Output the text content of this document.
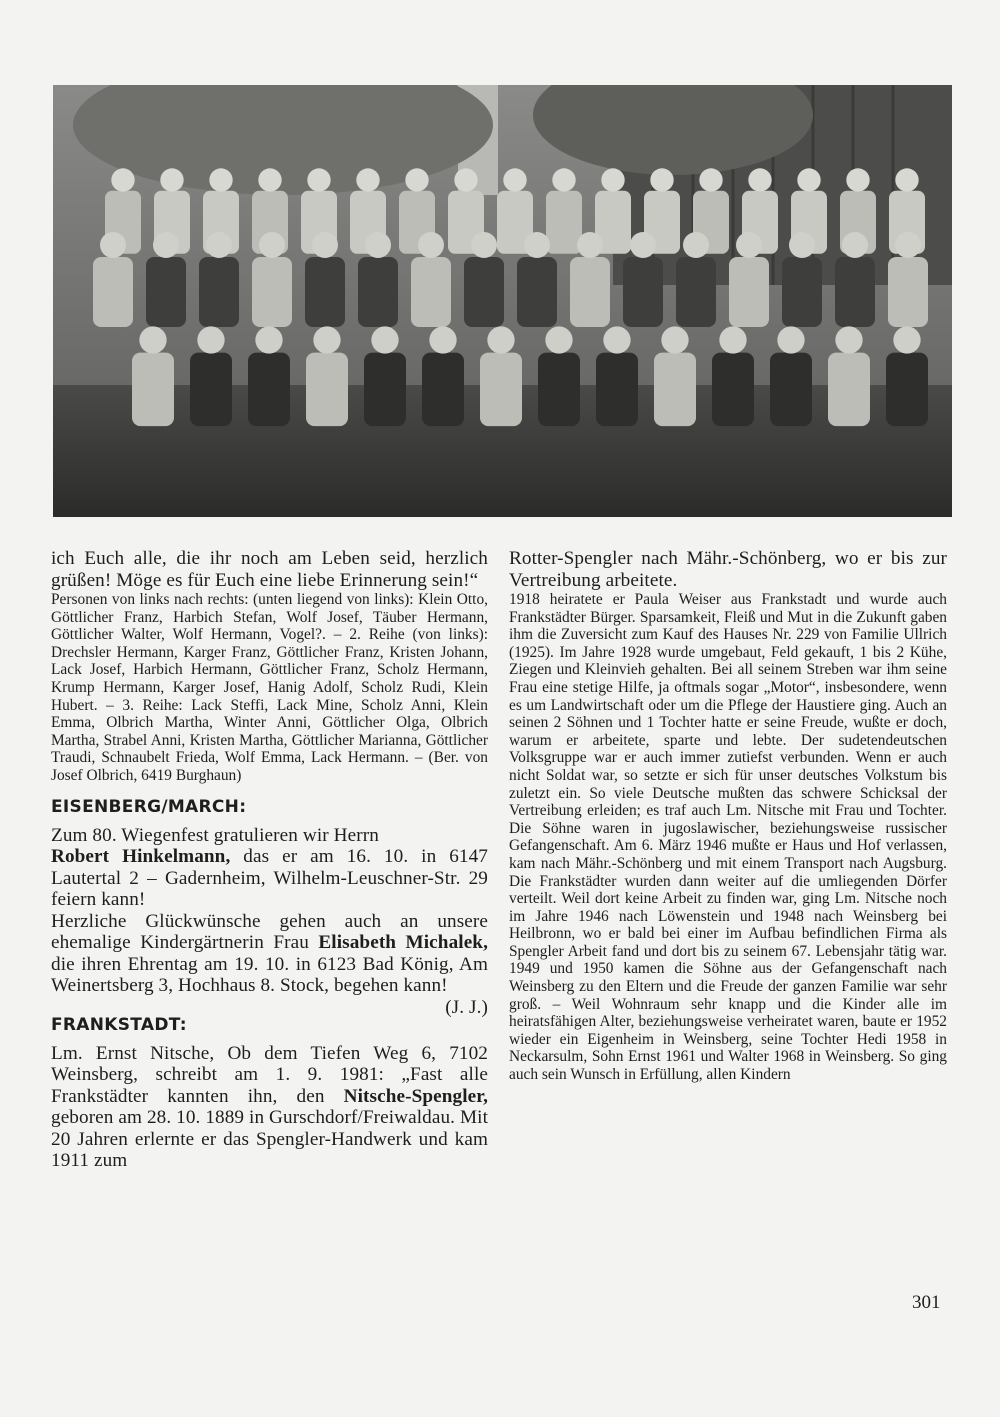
ich Euch alle, die ihr noch am Leben seid, herzlich grüßen! Möge es für Euch eine liebe Erinnerung sein!“

Personen von links nach rechts: (unten liegend von links): Klein Otto, Göttlicher Franz, Harbich Stefan, Wolf Josef, Täuber Hermann, Göttlicher Walter, Wolf Hermann, Vogel?. – 2. Reihe (von links): Drechsler Hermann, Karger Franz, Göttlicher Franz, Kristen Johann, Lack Josef, Harbich Hermann, Göttlicher Franz, Scholz Hermann, Krump Hermann, Karger Josef, Hanig Adolf, Scholz Rudi, Klein Hubert. – 3. Reihe: Lack Steffi, Lack Mine, Scholz Anni, Klein Emma, Olbrich Martha, Winter Anni, Göttlicher Olga, Olbrich Martha, Strabel Anni, Kristen Martha, Göttlicher Marianna, Göttlicher Traudi, Schnaubelt Frieda, Wolf Emma, Lack Hermann. – (Ber. von Josef Olbrich, 6419 Burghaun)

EISENBERG/MARCH:

Zum 80. Wiegenfest gratulieren wir Herrn
Robert Hinkelmann, das er am 16. 10. in 6147 Lautertal 2 – Gadernheim, Wilhelm-Leuschner-Str. 29 feiern kann!

Herzliche Glückwünsche gehen auch an unsere ehemalige Kindergärtnerin Frau Elisabeth Michalek, die ihren Ehrentag am 19. 10. in 6123 Bad König, Am Weinertsberg 3, Hochhaus 8. Stock, begehen kann!
(J. J.)

FRANKSTADT:

Lm. Ernst Nitsche, Ob dem Tiefen Weg 6, 7102 Weinsberg, schreibt am 1. 9. 1981: „Fast alle Frankstädter kannten ihn, den Nitsche-Spengler, geboren am 28. 10. 1889 in Gurschdorf/Freiwaldau. Mit 20 Jahren erlernte er das Spengler-Handwerk und kam 1911 zum

Rotter-Spengler nach Mähr.-Schönberg, wo er bis zur Vertreibung arbeitete.

1918 heiratete er Paula Weiser aus Frankstadt und wurde auch Frankstädter Bürger. Sparsamkeit, Fleiß und Mut in die Zukunft gaben ihm die Zuversicht zum Kauf des Hauses Nr. 229 von Familie Ullrich (1925). Im Jahre 1928 wurde umgebaut, Feld gekauft, 1 bis 2 Kühe, Ziegen und Kleinvieh gehalten. Bei all seinem Streben war ihm seine Frau eine stetige Hilfe, ja oftmals sogar „Motor“, insbesondere, wenn es um Landwirtschaft oder um die Pflege der Haustiere ging. Auch an seinen 2 Söhnen und 1 Tochter hatte er seine Freude, wußte er doch, warum er arbeitete, sparte und lebte. Der sudetendeutschen Volksgruppe war er auch immer zutiefst verbunden. Wenn er auch nicht Soldat war, so setzte er sich für unser deutsches Volkstum bis zuletzt ein. So viele Deutsche mußten das schwere Schicksal der Vertreibung erleiden; es traf auch Lm. Nitsche mit Frau und Tochter. Die Söhne waren in jugoslawischer, beziehungsweise russischer Gefangenschaft. Am 6. März 1946 mußte er Haus und Hof verlassen, kam nach Mähr.-Schönberg und mit einem Transport nach Augsburg. Die Frankstädter wurden dann weiter auf die umliegenden Dörfer verteilt. Weil dort keine Arbeit zu finden war, ging Lm. Nitsche noch im Jahre 1946 nach Löwenstein und 1948 nach Weinsberg bei Heilbronn, wo er bald bei einer im Aufbau befindlichen Firma als Spengler Arbeit fand und dort bis zu seinem 67. Lebensjahr tätig war. 1949 und 1950 kamen die Söhne aus der Gefangenschaft nach Weinsberg zu den Eltern und die Freude der ganzen Familie war sehr groß. – Weil Wohnraum sehr knapp und die Kinder alle im heiratsfähigen Alter, beziehungsweise verheiratet waren, baute er 1952 wieder ein Eigenheim in Weinsberg, seine Tochter Hedi 1958 in Neckarsulm, Sohn Ernst 1961 und Walter 1968 in Weinsberg. So ging auch sein Wunsch in Erfüllung, allen Kindern

301
